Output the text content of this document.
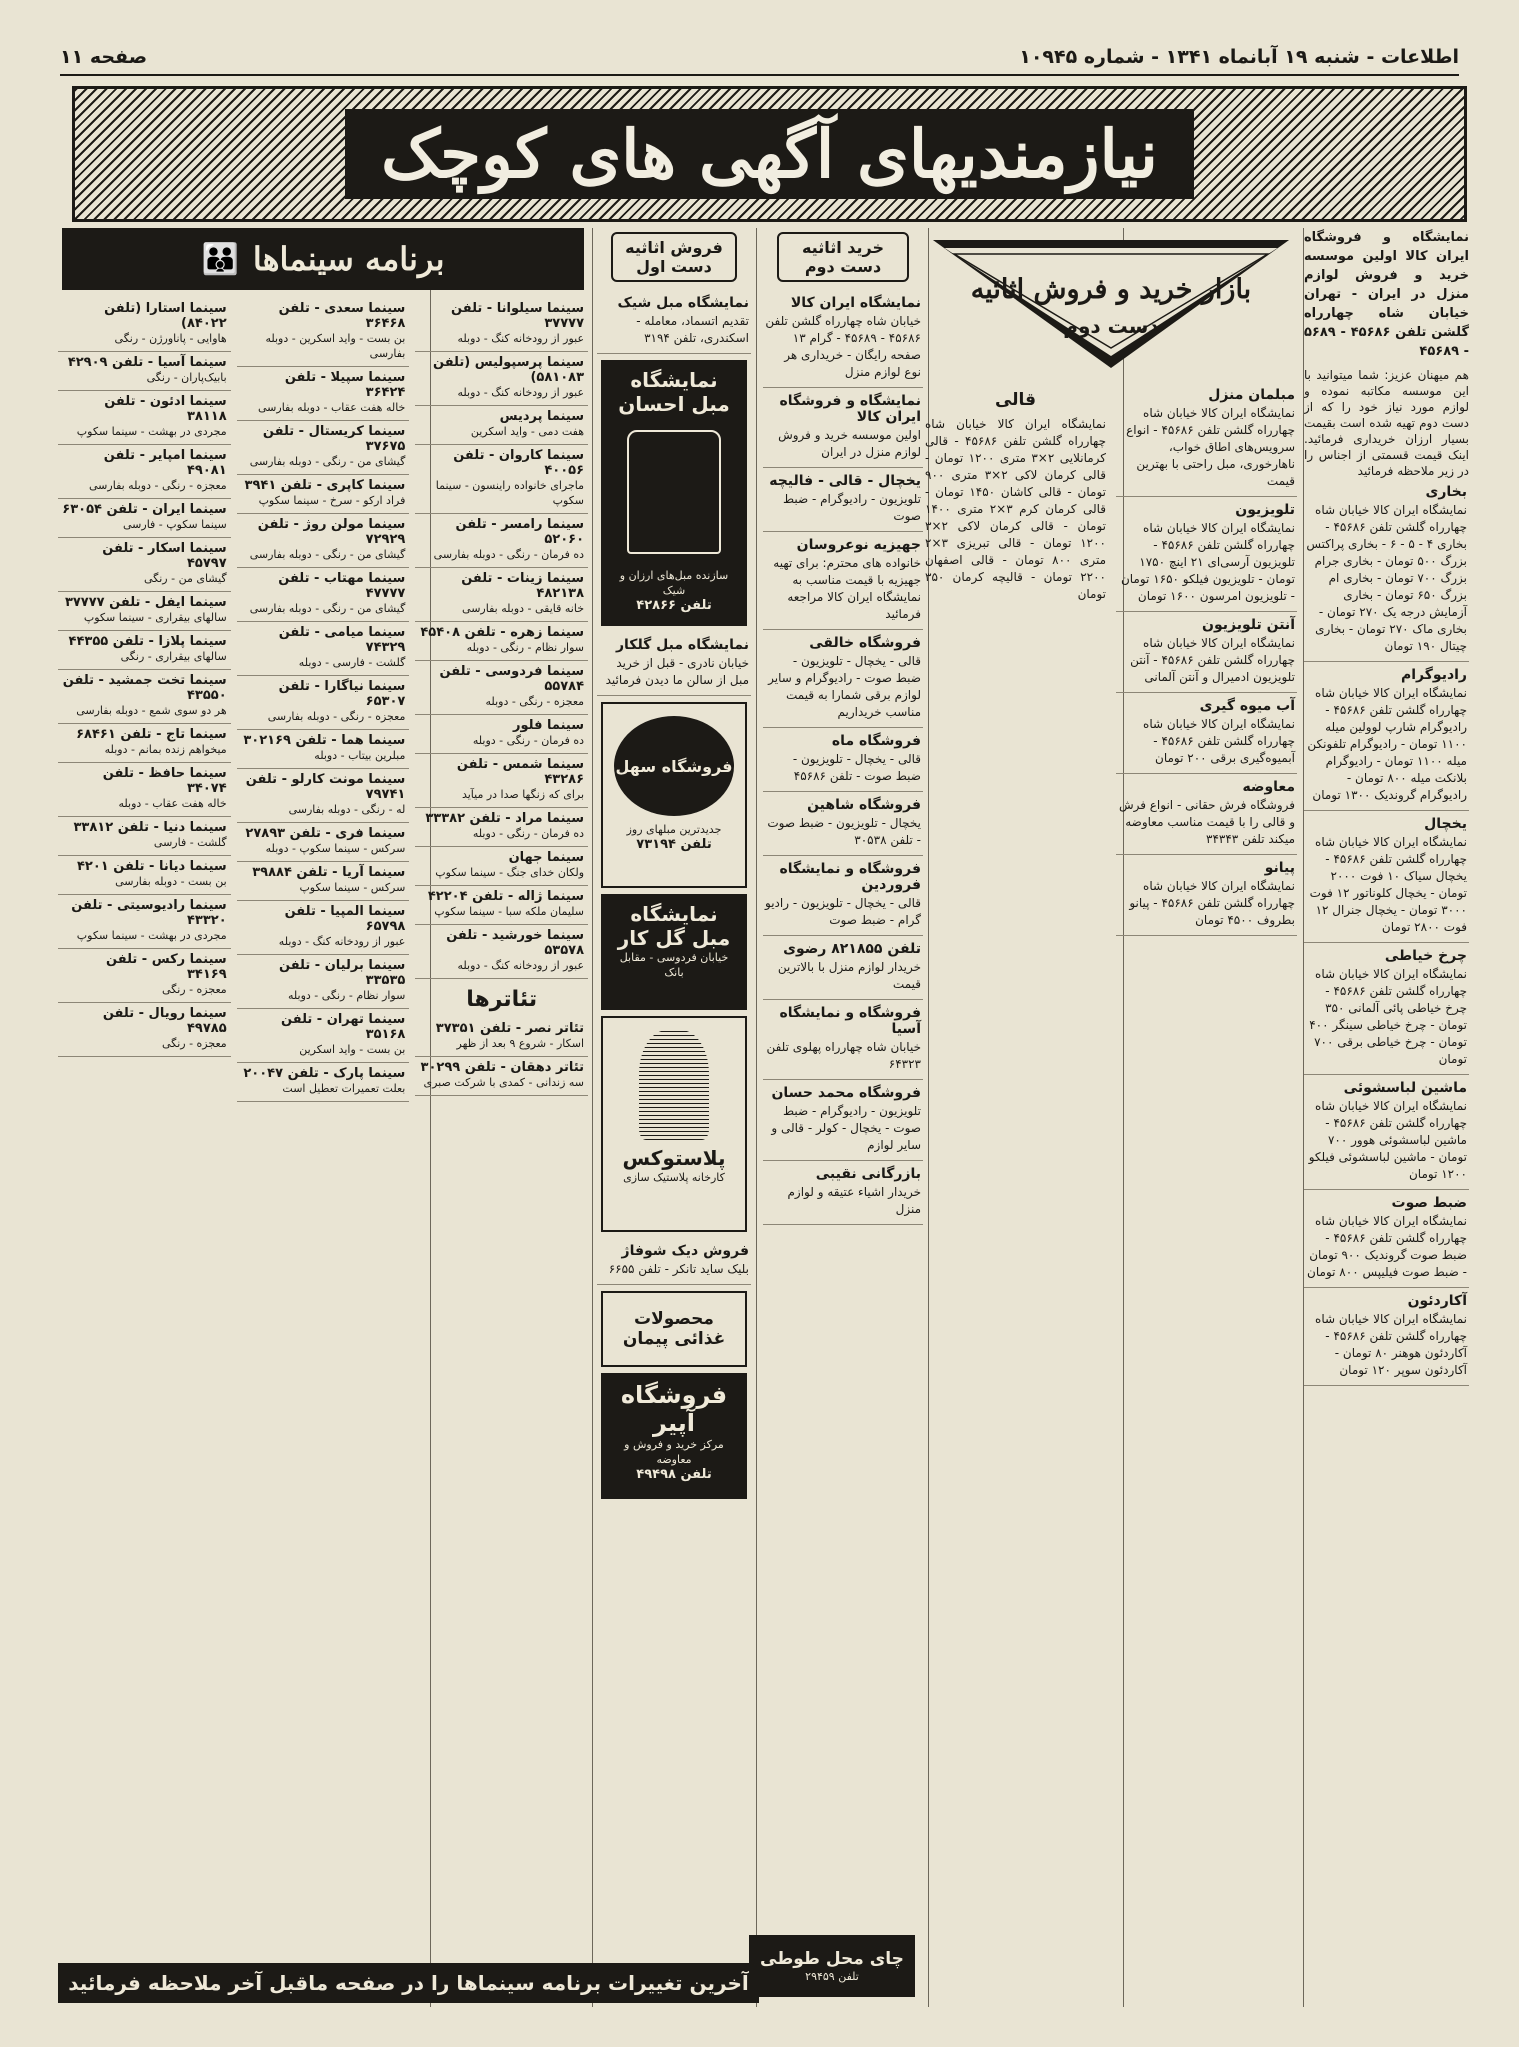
اطلاعات - شنبه ۱۹ آبانماه ۱۳۴۱ - شماره ۱۰۹۴۵
صفحه ۱۱
نیازمندیهای آگهی های کوچک
نمایشگاه و فروشگاه ایران کالا اولین موسسه خرید و فروش لوازم منزل در ایران - تهران خیابان شاه چهارراه گلشن تلفن ۴۵۶۸۶ - ۵۶۸۹ - ۴۵۶۸۹
هم میهنان عزیز: شما میتوانید با این موسسه مکاتبه نموده و لوازم مورد نیاز خود را که از دست دوم تهیه شده است بقیمت بسیار ارزان خریداری فرمائید. اینک قیمت قسمتی از اجناس را در زیر ملاحظه فرمائید
بخاری
نمایشگاه ایران کالا خیابان شاه چهارراه گلشن تلفن ۴۵۶۸۶ - بخاری ۴ - ۵ - ۶ - بخاری پراکتس بزرگ ۵۰۰ تومان - بخاری جرام بزرگ ۷۰۰ تومان - بخاری ام بزرگ ۶۵۰ تومان - بخاری آزمایش درجه یک ۲۷۰ تومان - بخاری ماک ۲۷۰ تومان - بخاری چیتال ۱۹۰ تومان
رادیوگرام
نمایشگاه ایران کالا خیابان شاه چهارراه گلشن تلفن ۴۵۶۸۶ - رادیوگرام شارپ لوولین میله ۱۱۰۰ تومان - رادیوگرام تلفونکن میله ۱۱۰۰ تومان - رادیوگرام بلانکت میله ۸۰۰ تومان - رادیوگرام گروندیک ۱۳۰۰ تومان
یخچال
نمایشگاه ایران کالا خیابان شاه چهارراه گلشن تلفن ۴۵۶۸۶ - یخچال سیاک ۱۰ فوت ۲۰۰۰ تومان - یخچال کلوناتور ۱۲ فوت ۳۰۰۰ تومان - یخچال جنرال ۱۲ فوت ۲۸۰۰ تومان
چرخ خیاطی
نمایشگاه ایران کالا خیابان شاه چهارراه گلشن تلفن ۴۵۶۸۶ - چرخ خیاطی پائی آلمانی ۳۵۰ تومان - چرخ خیاطی سینگر ۴۰۰ تومان - چرخ خیاطی برقی ۷۰۰ تومان
ماشین لباسشوئی
نمایشگاه ایران کالا خیابان شاه چهارراه گلشن تلفن ۴۵۶۸۶ - ماشین لباسشوئی هوور ۷۰۰ تومان - ماشین لباسشوئی فیلکو ۱۲۰۰ تومان
ضبط صوت
نمایشگاه ایران کالا خیابان شاه چهارراه گلشن تلفن ۴۵۶۸۶ - ضبط صوت گروندیک ۹۰۰ تومان - ضبط صوت فیلیپس ۸۰۰ تومان
آکاردئون
نمایشگاه ایران کالا خیابان شاه چهارراه گلشن تلفن ۴۵۶۸۶ - آکاردئون هوهنر ۸۰ تومان - آکاردئون سوپر ۱۲۰ تومان
بازار خرید و فروش اثاثیه
دست دوم
قالی
نمایشگاه ایران کالا خیابان شاه چهارراه گلشن تلفن ۴۵۶۸۶ - قالی کرمانلایی ۲×۳ متری ۱۲۰۰ تومان - قالی کرمان لاکی ۲×۳ متری ۹۰۰ تومان - قالی کاشان ۱۴۵۰ تومان - قالی کرمان کرم ۳×۲ متری ۱۴۰۰ تومان - قالی کرمان لاکی ۲×۳ ۱۲۰۰ تومان - قالی تبریزی ۳×۲ متری ۸۰۰ تومان - قالی اصفهان ۲۲۰۰ تومان - قالیچه کرمان ۳۵۰ تومان
مبلمان منزل
نمایشگاه ایران کالا خیابان شاه چهارراه گلشن تلفن ۴۵۶۸۶ - انواع سرویس‌های اطاق خواب، ناهارخوری، مبل راحتی با بهترین قیمت
تلویزیون
نمایشگاه ایران کالا خیابان شاه چهارراه گلشن تلفن ۴۵۶۸۶ - تلویزیون آرسی‌ای ۲۱ اینچ ۱۷۵۰ تومان - تلویزیون فیلکو ۱۶۵۰ تومان - تلویزیون امرسون ۱۶۰۰ تومان
آنتن تلویزیون
نمایشگاه ایران کالا خیابان شاه چهارراه گلشن تلفن ۴۵۶۸۶ - آنتن تلویزیون ادمیرال و آنتن آلمانی
آب میوه گیری
نمایشگاه ایران کالا خیابان شاه چهارراه گلشن تلفن ۴۵۶۸۶ - آبمیوه‌گیری برقی ۲۰۰ تومان
معاوضه
فروشگاه فرش حقانی - انواع فرش و قالی را با قیمت مناسب معاوضه میکند تلفن ۳۴۳۴۳
پیانو
نمایشگاه ایران کالا خیابان شاه چهارراه گلشن تلفن ۴۵۶۸۶ - پیانو بطروف ۴۵۰۰ تومان
خرید اثاثیه دست دوم
نمایشگاه ایران کالا
خیابان شاه چهارراه گلشن تلفن ۴۵۶۸۶ - ۴۵۶۸۹ - گرام ۱۳ صفحه رایگان - خریداری هر نوع لوازم منزل
نمایشگاه و فروشگاه ایران کالا
اولین موسسه خرید و فروش لوازم منزل در ایران
یخچال - قالی - فالیچه
تلویزیون - رادیوگرام - ضبط صوت
جهیزیه نوعروسان
خانواده های محترم: برای تهیه جهیزیه با قیمت مناسب به نمایشگاه ایران کالا مراجعه فرمائید
فروشگاه خالقی
قالی - یخچال - تلویزیون - ضبط صوت - رادیوگرام و سایر لوازم برقی شمارا به قیمت مناسب خریداریم
فروشگاه ماه
قالی - یخچال - تلویزیون - ضبط صوت - تلفن ۴۵۶۸۶
فروشگاه شاهین
یخچال - تلویزیون - ضبط صوت - تلفن ۳۰۵۳۸
فروشگاه و نمایشگاه فروردین
قالی - یخچال - تلویزیون - رادیو گرام - ضبط صوت
تلفن ۸۲۱۸۵۵ رضوی
خریدار لوازم منزل با بالاترین قیمت
فروشگاه و نمایشگاه آسیا
خیابان شاه چهارراه پهلوی تلفن ۶۴۳۲۳
فروشگاه محمد حسان
تلویزیون - رادیوگرام - ضبط صوت - یخچال - کولر - قالی و سایر لوازم
بازرگانی نقیبی
خریدار اشیاء عتیقه و لوازم منزل
فروش اثاثیه دست اول
نمایشگاه مبل شیک
تقدیم اتسماد، معامله - اسکندری، تلفن ۳۱۹۴
نمایشگاه مبل احسان
سازنده مبل‌های ارزان و شیک
تلفن ۴۲۸۶۶
نمایشگاه مبل گلکار
خیابان نادری - قبل از خرید مبل از سالن ما دیدن فرمائید
فروشگاه سهل
جدیدترین مبلهای روز
تلفن ۷۳۱۹۴
نمایشگاه مبل گل کار
خیابان فردوسی - مقابل بانک
پلاستوکس
کارخانه پلاستیک سازی
فروش دیک شوفاژ
بلیک ساید تانکر - تلفن ۶۶۵۵
محصولات غذائی پیمان
فروشگاه آپیر
مرکز خرید و فروش و معاوضه
تلفن ۴۹۴۹۸
برنامه سینماها
👪
سینما استارا (تلفن ۸۴۰۲۲)
هاوایی - پاناورژن - رنگی
سینما آسیا - تلفن ۴۲۹۰۹
بابیک‌پاران - رنگی
سینما ادئون - تلفن ۳۸۱۱۸
مجردی در بهشت - سینما سکوپ
سینما امپایر - تلفن ۴۹۰۸۱
معجزه - رنگی - دوبله بفارسی
سینما ایران - تلفن ۶۳۰۵۴
سینما سکوپ - فارسی
سینما اسکار - تلفن ۴۵۷۹۷
گیشای من - رنگی
سینما ایفل - تلفن ۳۷۷۷۷
سالهای بیقراری - سینما سکوپ
سینما پلازا - تلفن ۴۴۳۵۵
سالهای بیقراری - رنگی
سینما تخت جمشید - تلفن ۴۳۵۵۰
هر دو سوی شمع - دوبله بفارسی
سینما تاج - تلفن ۶۸۴۶۱
میخواهم زنده بمانم - دوبله
سینما حافظ - تلفن ۳۴۰۷۴
خاله هفت عقاب - دوبله
سینما دنیا - تلفن ۳۳۸۱۲
گلشت - فارسی
سینما دیانا - تلفن ۴۲۰۱
بن بست - دوبله بفارسی
سینما رادیوسیتی - تلفن ۴۳۳۲۰
مجردی در بهشت - سینما سکوپ
سینما رکس - تلفن ۳۴۱۶۹
معجزه - رنگی
سینما رویال - تلفن ۴۹۷۸۵
معجزه - رنگی
سینما سعدی - تلفن ۳۶۴۶۸
بن بست - واید اسکرین - دوبله بفارسی
سینما سپیلا - تلفن ۳۶۴۲۴
خاله هفت عقاب - دوبله بفارسی
سینما کریستال - تلفن ۳۷۶۷۵
گیشای من - رنگی - دوبله بفارسی
سینما کاپری - تلفن ۳۹۴۱
فراد ارکو - سرخ - سینما سکوپ
سینما مولن روژ - تلفن ۷۲۹۲۹
گیشای من - رنگی - دوبله بفارسی
سینما مهتاب - تلفن ۴۷۷۷۷
گیشای من - رنگی - دوبله بفارسی
سینما میامی - تلفن ۷۴۳۲۹
گلشت - فارسی - دوبله
سینما نیاگارا - تلفن ۶۵۳۰۷
معجزه - رنگی - دوبله بفارسی
سینما هما - تلفن ۳۰۲۱۶۹
مبلرین بیتاب - دوبله
سینما مونت کارلو - تلفن ۷۹۷۴۱
له - رنگی - دوبله بفارسی
سینما فری - تلفن ۲۷۸۹۳
سرکس - سینما سکوپ - دوبله
سینما آریا - تلفن ۳۹۸۸۴
سرکس - سینما سکوپ
سینما المپیا - تلفن ۶۵۷۹۸
عبور از رودخانه کنگ - دوبله
سینما برلیان - تلفن ۳۳۵۳۵
سوار نظام - رنگی - دوبله
سینما تهران - تلفن ۳۵۱۶۸
بن بست - واید اسکرین
سینما پارک - تلفن ۲۰۰۴۷
بعلت تعمیرات تعطیل است
سینما سیلوانا - تلفن ۳۷۷۷۷
عبور از رودخانه کنگ - دوبله
سینما پرسپولیس (تلفن ۵۸۱۰۸۳)
عبور از رودخانه کنگ - دوبله
سینما پردیس
هفت دمی - واید اسکرین
سینما کاروان - تلفن ۴۰۰۵۶
ماجرای خانواده راینسون - سینما سکوپ
سینما رامسر - تلفن ۵۲۰۶۰
ده فرمان - رنگی - دوبله بفارسی
سینما زینات - تلفن ۴۸۲۱۳۸
خانه قایقی - دوبله بفارسی
سینما زهره - تلفن ۴۵۴۰۸
سوار نظام - رنگی - دوبله
سینما فردوسی - تلفن ۵۵۷۸۴
معجزه - رنگی - دوبله
سینما فلور
ده فرمان - رنگی - دوبله
سینما شمس - تلفن ۴۳۲۸۶
برای که زنگها صدا در میآید
سینما مراد - تلفن ۳۳۳۸۲
ده فرمان - رنگی - دوبله
سینما جهان
ولکان خدای جنگ - سینما سکوپ
سینما ژاله - تلفن ۴۲۲۰۴
سلیمان ملکه سبا - سینما سکوپ
سینما خورشید - تلفن ۵۳۵۷۸
عبور از رودخانه کنگ - دوبله
تئاترها
تئاتر نصر - تلفن ۳۷۳۵۱
اسکار - شروع ۹ بعد از ظهر
تئاتر دهقان - تلفن ۳۰۲۹۹
سه زندانی - کمدی با شرکت صبری
آخرین تغییرات برنامه سینماها را در صفحه ماقبل آخر ملاحظه فرمائید
چای محل طوطی
تلفن ۲۹۴۵۹
